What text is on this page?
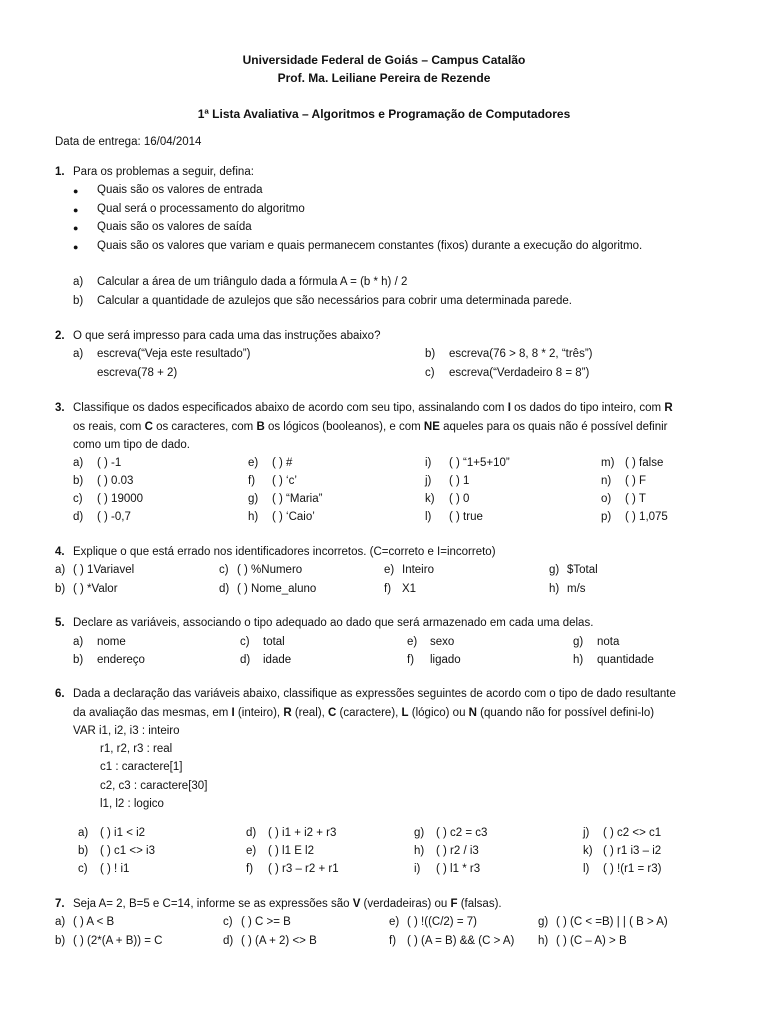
Universidade Federal de Goiás – Campus Catalão
Prof. Ma. Leiliane Pereira de Rezende
1ª Lista Avaliativa – Algoritmos e Programação de Computadores
Data de entrega: 16/04/2014
1. Para os problemas a seguir, defina:
● Quais são os valores de entrada
● Qual será o processamento do algoritmo
● Quais são os valores de saída
● Quais são os valores que variam e quais permanecem constantes (fixos) durante a execução do algoritmo.
a) Calcular a área de um triângulo dada a fórmula A = (b * h) / 2
b) Calcular a quantidade de azulejos que são necessários para cobrir uma determinada parede.
2. O que será impresso para cada uma das instruções abaixo?
a) escreva(“Veja este resultado”)
escreva(78 + 2)
b) escreva(76 > 8, 8 * 2, “três”)
c) escreva(“Verdadeiro 8 = 8”)
3. Classifique os dados especificados abaixo de acordo com seu tipo, assinalando com I os dados do tipo inteiro, com R
os reais, com C os caracteres, com B os lógicos (booleanos), e com NE aqueles para os quais não é possível definir
como um tipo de dado.
a) ( ) -1
b) ( ) 0.03
c) ( ) 19000
d) ( ) -0,7
e) ( ) #
f) ( ) ‘c’
g) ( ) “Maria”
h) ( ) ‘Caio’
i) ( ) “1+5+10”
j) ( ) 1
k) ( ) 0
l) ( ) true
m) ( ) false
n) ( ) F
o) ( ) T
p) ( ) 1,075
4. Explique o que está errado nos identificadores incorretos. (C=correto e I=incorreto)
a) ( ) 1Variavel	c) ( ) %Numero	e) Inteiro	g) $Total
b) ( ) *Valor	d) ( ) Nome_aluno	f) X1	h) m/s
5. Declare as variáveis, associando o tipo adequado ao dado que será armazenado em cada uma delas.
a) nome	c) total	e) sexo	g) nota
b) endereço	d) idade	f) ligado	h) quantidade
6. Dada a declaração das variáveis abaixo, classifique as expressões seguintes de acordo com o tipo de dado resultante
da avaliação das mesmas, em I (inteiro), R (real), C (caractere), L (lógico) ou N (quando não for possível defini-lo)
VAR i1, i2, i3 : inteiro
r1, r2, r3 : real
c1 : caractere[1]
c2, c3 : caractere[30]
l1, l2 : logico
a) ( ) i1 < i2
b) ( ) c1 <> i3
c) ( ) ! i1
d) ( ) i1 + i2 + r3
e) ( ) l1 E l2
f) ( ) r3 – r2 + r1
g) ( ) c2 = c3
h) ( ) r2 / i3
i) ( ) l1 * r3
j) ( ) c2 <> c1
k) ( ) r1 i3 – i2
l) ( ) !(r1 = r3)
7. Seja A= 2, B=5 e C=14, informe se as expressões são V (verdadeiras) ou F (falsas).
a) ( ) A < B	c) ( ) C >= B	e) ( ) !((C/2) = 7)	g) ( ) (C < =B) | | ( B > A)
b) ( ) (2*(A + B)) = C	d) ( ) (A + 2) <> B	f) ( ) (A = B) && (C > A) h) ( ) (C – A) > B
